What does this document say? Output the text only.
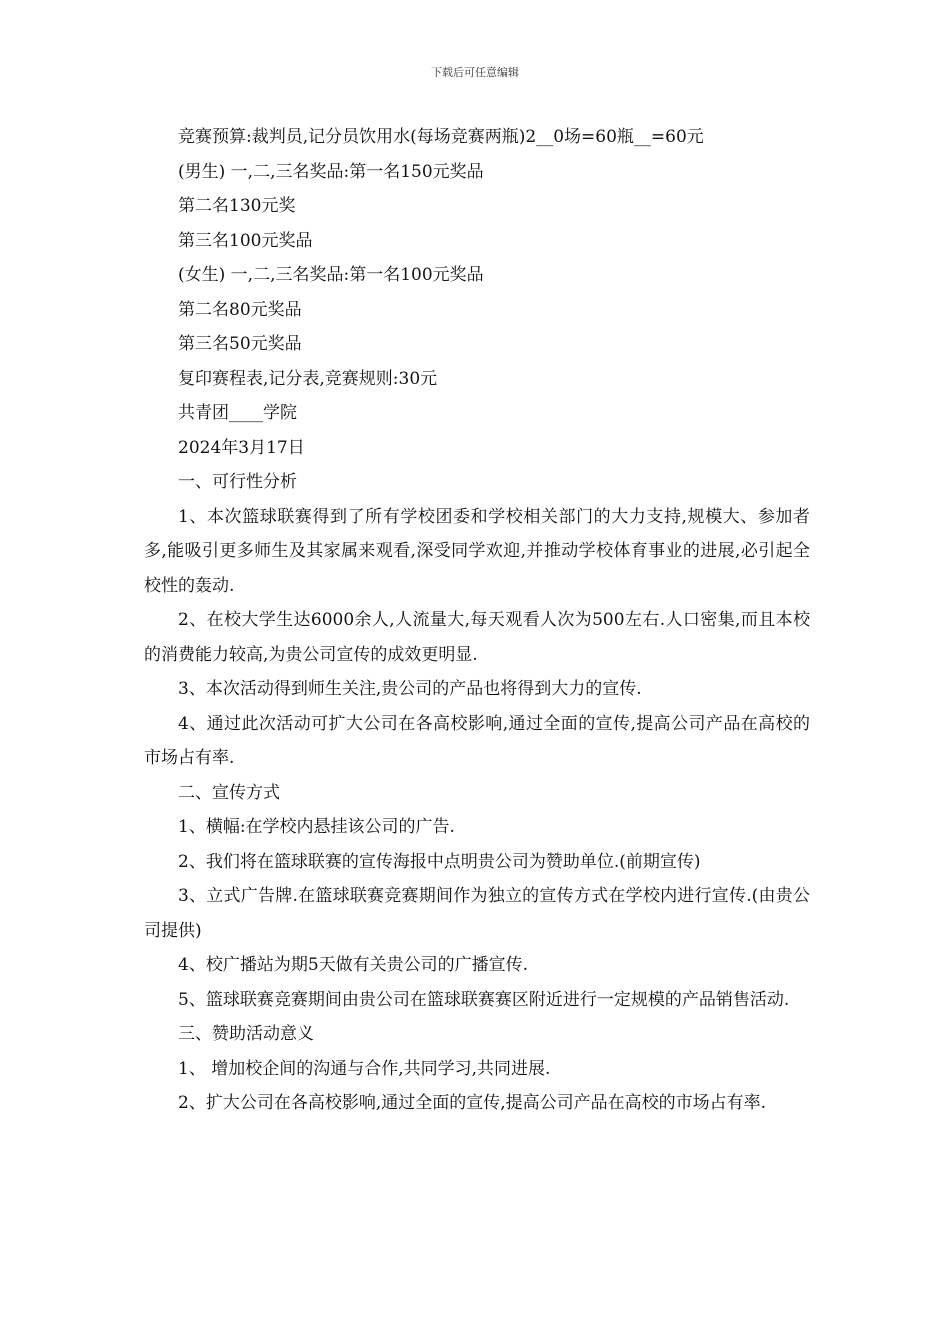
下载后可任意编辑

竞赛预算:裁判员,记分员饮用水(每场竞赛两瓶)2__0场=60瓶__=60元

(男生) 一,二,三名奖品:第一名150元奖品

第二名130元奖

第三名100元奖品

(女生) 一,二,三名奖品:第一名100元奖品

第二名80元奖品

第三名50元奖品

复印赛程表,记分表,竞赛规则:30元

共青团____学院

2024年3月17日

一、可行性分析

1、本次篮球联赛得到了所有学校团委和学校相关部门的大力支持,规模大、参加者多,能吸引更多师生及其家属来观看,深受同学欢迎,并推动学校体育事业的进展,必引起全校性的轰动.

2、在校大学生达6000余人,人流量大,每天观看人次为500左右.人口密集,而且本校的消费能力较高,为贵公司宣传的成效更明显.

3、本次活动得到师生关注,贵公司的产品也将得到大力的宣传.

4、通过此次活动可扩大公司在各高校影响,通过全面的宣传,提高公司产品在高校的市场占有率.

二、宣传方式

1、横幅:在学校内悬挂该公司的广告.

2、我们将在篮球联赛的宣传海报中点明贵公司为赞助单位.(前期宣传)

3、立式广告牌.在篮球联赛竞赛期间作为独立的宣传方式在学校内进行宣传.(由贵公司提供)

4、校广播站为期5天做有关贵公司的广播宣传.

5、篮球联赛竞赛期间由贵公司在篮球联赛赛区附近进行一定规模的产品销售活动.

三、赞助活动意义

1、 增加校企间的沟通与合作,共同学习,共同进展.

2、扩大公司在各高校影响,通过全面的宣传,提高公司产品在高校的市场占有率.
